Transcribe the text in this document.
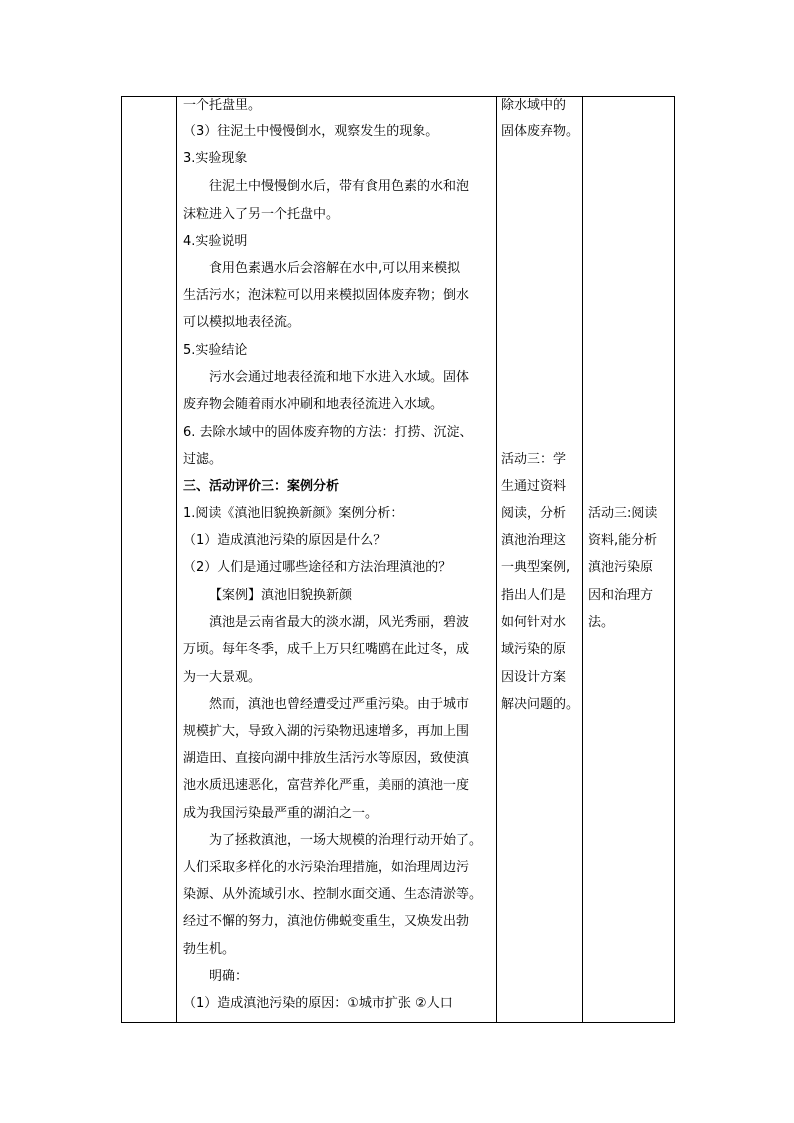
一个托盘里。
（3）往泥土中慢慢倒水，观察发生的现象。
3.实验现象
往泥土中慢慢倒水后，带有食用色素的水和泡
沫粒进入了另一个托盘中。
4.实验说明
食用色素遇水后会溶解在水中,可以用来模拟
生活污水；泡沫粒可以用来模拟固体废弃物；倒水
可以模拟地表径流。
5.实验结论
污水会通过地表径流和地下水进入水域。固体
废弃物会随着雨水冲刷和地表径流进入水域。
6. 去除水域中的固体废弃物的方法：打捞、沉淀、
过滤。
三、活动评价三：案例分析
1.阅读《滇池旧貌换新颜》案例分析：
（1）造成滇池污染的原因是什么？
（2）人们是通过哪些途径和方法治理滇池的？
【案例】滇池旧貌换新颜
滇池是云南省最大的淡水湖，风光秀丽，碧波
万顷。每年冬季，成千上万只红嘴鸥在此过冬，成
为一大景观。
然而，滇池也曾经遭受过严重污染。由于城市
规模扩大，导致入湖的污染物迅速增多，再加上围
湖造田、直接向湖中排放生活污水等原因，致使滇
池水质迅速恶化，富营养化严重，美丽的滇池一度
成为我国污染最严重的湖泊之一。
为了拯救滇池，一场大规模的治理行动开始了。
人们采取多样化的水污染治理措施，如治理周边污
染源、从外流域引水、控制水面交通、生态清淤等。
经过不懈的努力，滇池仿佛蜕变重生，又焕发出勃
勃生机。
明确：
（1）造成滇池污染的原因：①城市扩张 ②人口
除水域中的
固体废弃物。
活动三：学
生通过资料
阅读，分析
滇池治理这
一典型案例,
指出人们是
如何针对水
域污染的原
因设计方案
解决问题的。
活动三:阅读
资料,能分析
滇池污染原
因和治理方
法。
